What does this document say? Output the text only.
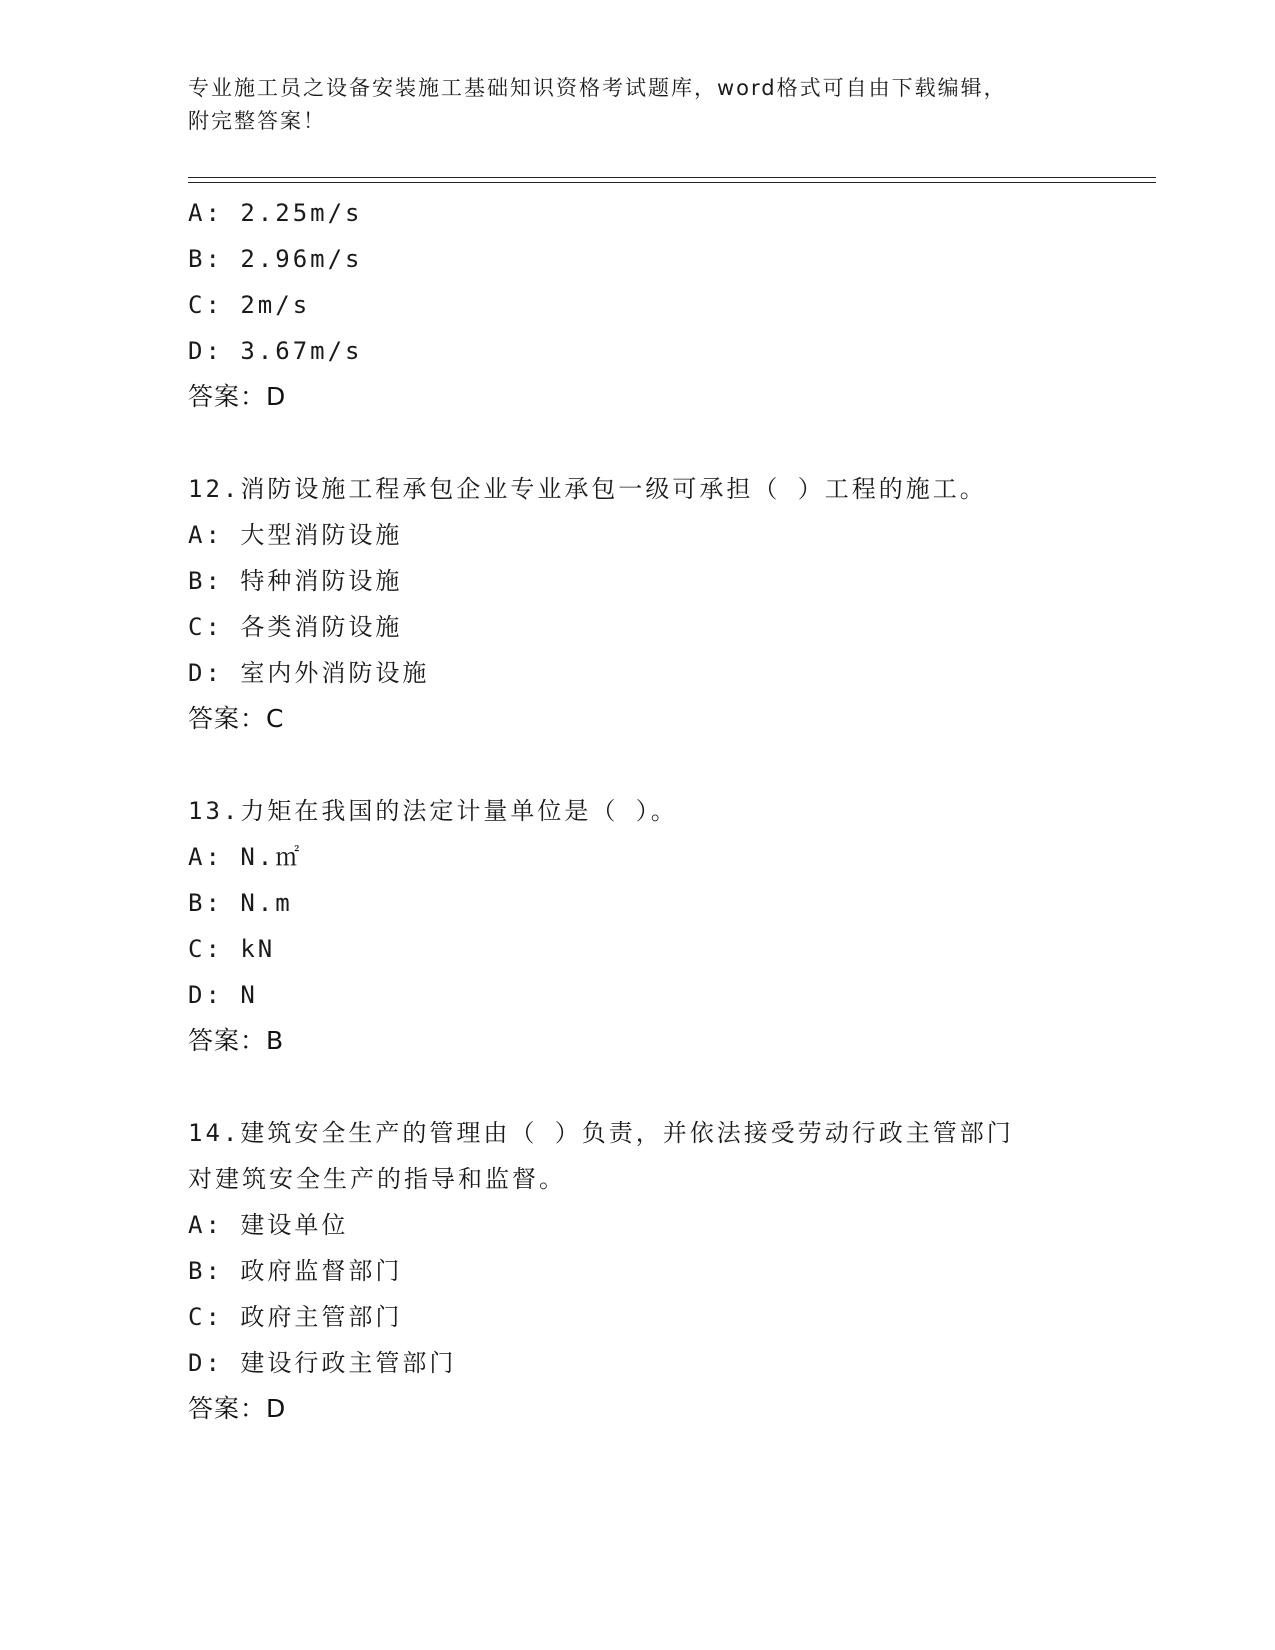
专业施工员之设备安装施工基础知识资格考试题库，word格式可自由下载编辑，
附完整答案！
A: 2.25m/s
B: 2.96m/s
C: 2m/s
D: 3.67m/s
答案：D
12.消防设施工程承包企业专业承包一级可承担（ ）工程的施工。
A: 大型消防设施
B: 特种消防设施
C: 各类消防设施
D: 室内外消防设施
答案：C
13.力矩在我国的法定计量单位是（ ）。
A: N.㎡
B: N.m
C: kN
D: N
答案：B
14.建筑安全生产的管理由（ ）负责，并依法接受劳动行政主管部门
对建筑安全生产的指导和监督。
A: 建设单位
B: 政府监督部门
C: 政府主管部门
D: 建设行政主管部门
答案：D
